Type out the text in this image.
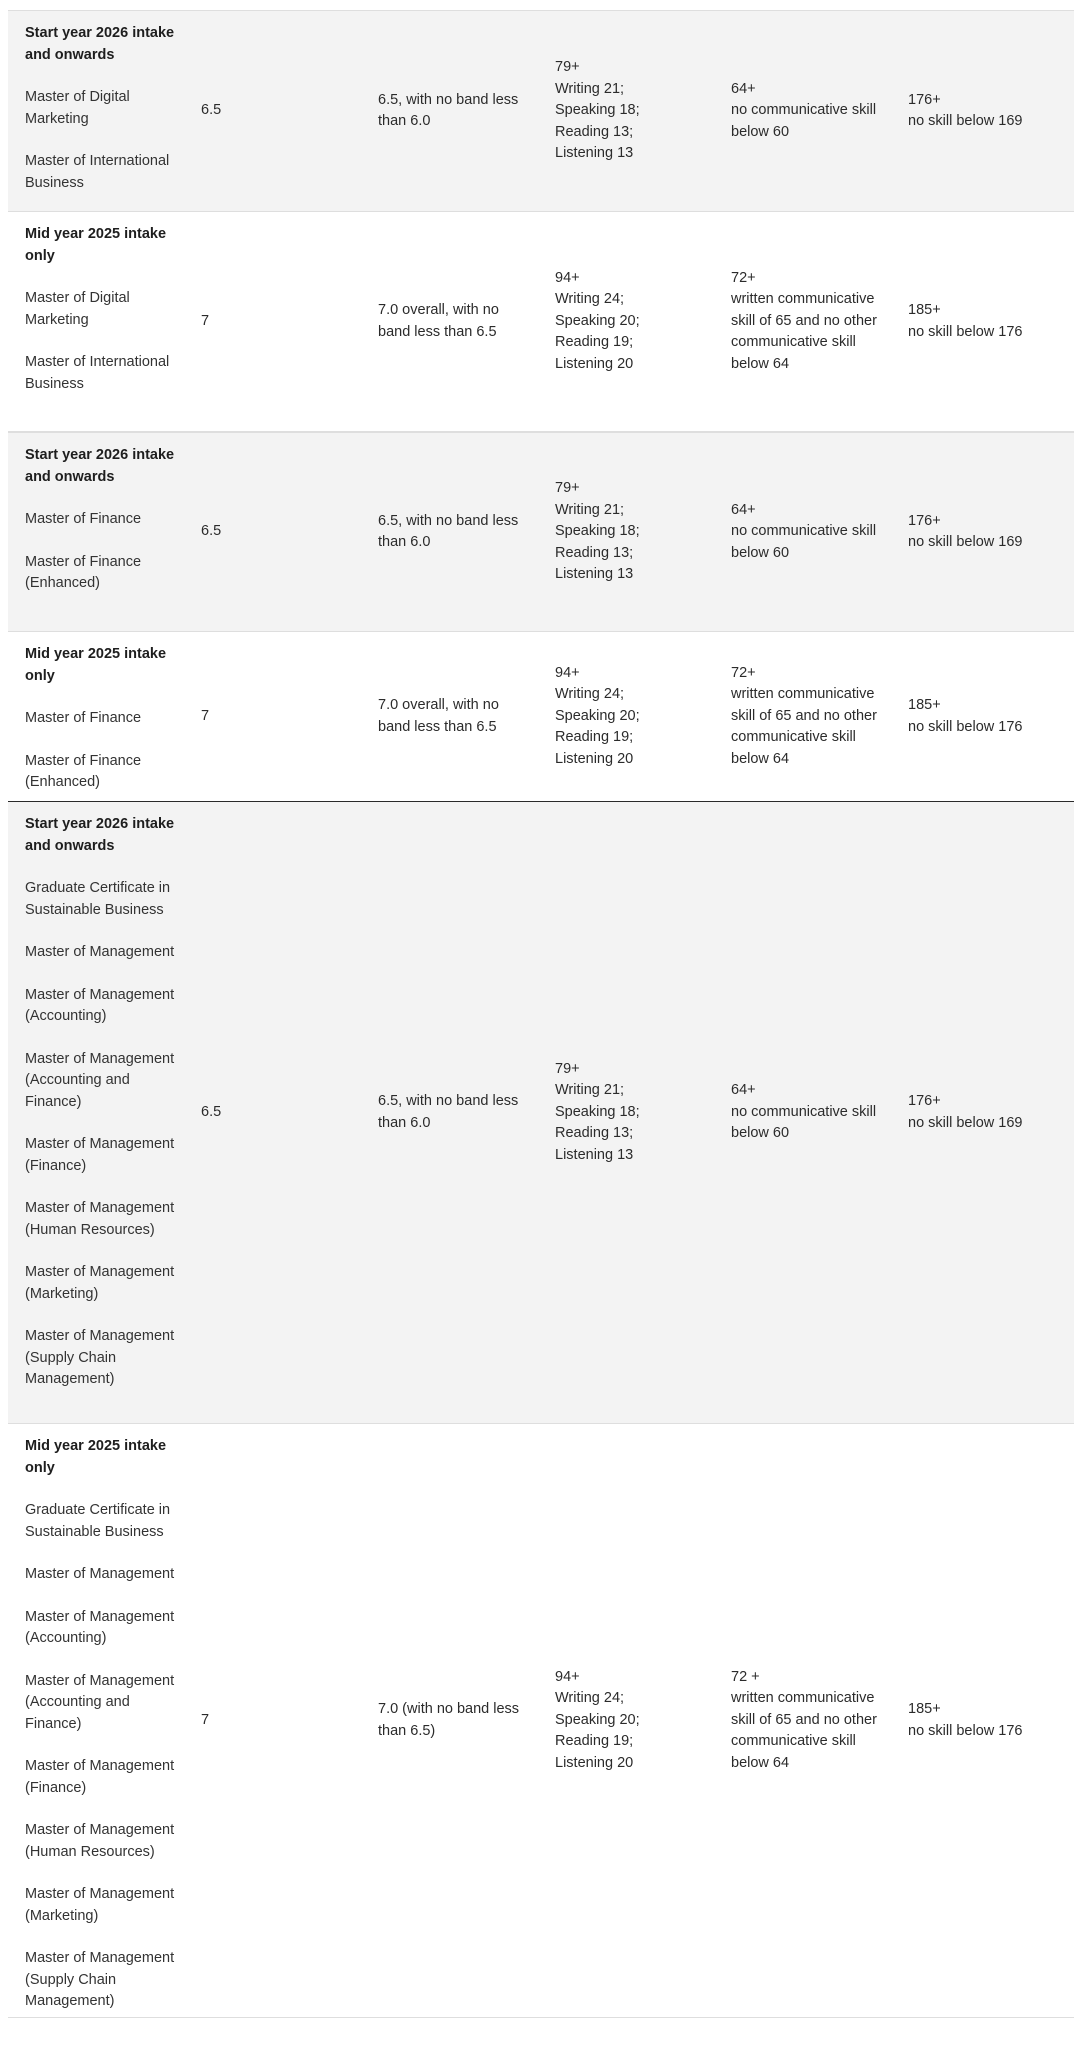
Start year 2026 intake
and onwards
Master of Digital
Marketing
Master of International
Business
6.5
6.5, with no band less
than 6.0
79+
Writing 21;
Speaking 18;
Reading 13;
Listening 13
64+
no communicative skill
below 60
176+
no skill below 169
Mid year 2025 intake
only
Master of Digital
Marketing
Master of International
Business
7
7.0 overall, with no
band less than 6.5
94+
Writing 24;
Speaking 20;
Reading 19;
Listening 20
72+
written communicative
skill of 65 and no other
communicative skill
below 64
185+
no skill below 176
Start year 2026 intake
and onwards
Master of Finance
Master of Finance
(Enhanced)
6.5
6.5, with no band less
than 6.0
79+
Writing 21;
Speaking 18;
Reading 13;
Listening 13
64+
no communicative skill
below 60
176+
no skill below 169
Mid year 2025 intake
only
Master of Finance
Master of Finance
(Enhanced)
7
7.0 overall, with no
band less than 6.5
94+
Writing 24;
Speaking 20;
Reading 19;
Listening 20
72+
written communicative
skill of 65 and no other
communicative skill
below 64
185+
no skill below 176
Start year 2026 intake
and onwards
Graduate Certificate in
Sustainable Business
Master of Management
Master of Management
(Accounting)
Master of Management
(Accounting and
Finance)
Master of Management
(Finance)
Master of Management
(Human Resources)
Master of Management
(Marketing)
Master of Management
(Supply Chain
Management)
6.5
6.5, with no band less
than 6.0
79+
Writing 21;
Speaking 18;
Reading 13;
Listening 13
64+
no communicative skill
below 60
176+
no skill below 169
Mid year 2025 intake
only
Graduate Certificate in
Sustainable Business
Master of Management
Master of Management
(Accounting)
Master of Management
(Accounting and
Finance)
Master of Management
(Finance)
Master of Management
(Human Resources)
Master of Management
(Marketing)
Master of Management
(Supply Chain
Management)
7
7.0 (with no band less
than 6.5)
94+
Writing 24;
Speaking 20;
Reading 19;
Listening 20
72 +
written communicative
skill of 65 and no other
communicative skill
below 64
185+
no skill below 176
